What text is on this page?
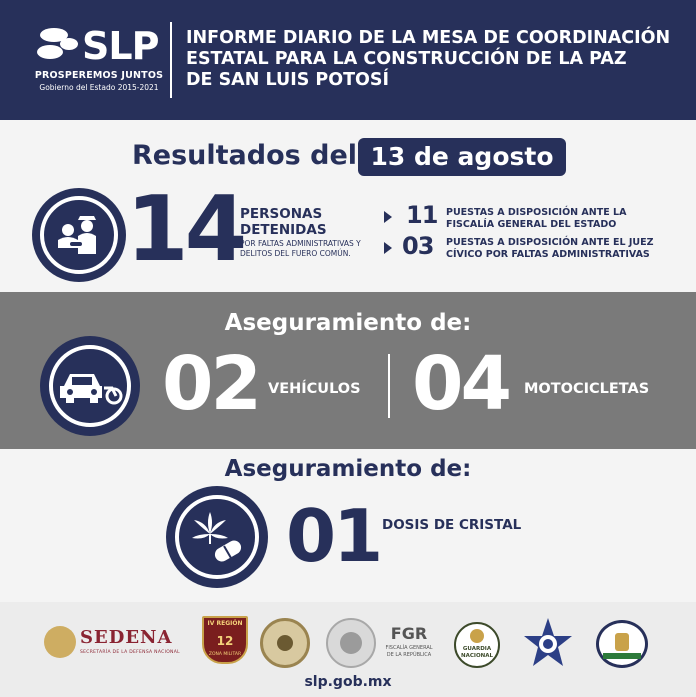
SLP
PROSPEREMOS JUNTOS
Gobierno del Estado 2015-2021
INFORME DIARIO DE LA MESA DE COORDINACIÓN
ESTATAL PARA LA CONSTRUCCIÓN DE LA PAZ
DE SAN LUIS POTOSÍ
Resultados del 13 de agosto
14
PERSONAS
DETENIDAS
POR FALTAS ADMINISTRATIVAS Y
DELITOS DEL FUERO COMÚN.
11 PUESTAS A DISPOSICIÓN ANTE LA
FISCALÍA GENERAL DEL ESTADO
03 PUESTAS A DISPOSICIÓN ANTE EL JUEZ
CÍVICO POR FALTAS ADMINISTRATIVAS
Aseguramiento de:
02 VEHÍCULOS 04 MOTOCICLETAS
Aseguramiento de:
01 DOSIS DE CRISTAL
SEDENA
SECRETARÍA DE LA DEFENSA NACIONAL
IV REGIÓN
12
ZONA MILITAR
FGR
FISCALÍA GENERAL
DE LA REPÚBLICA
GUARDIA
NACIONAL
slp.gob.mx
